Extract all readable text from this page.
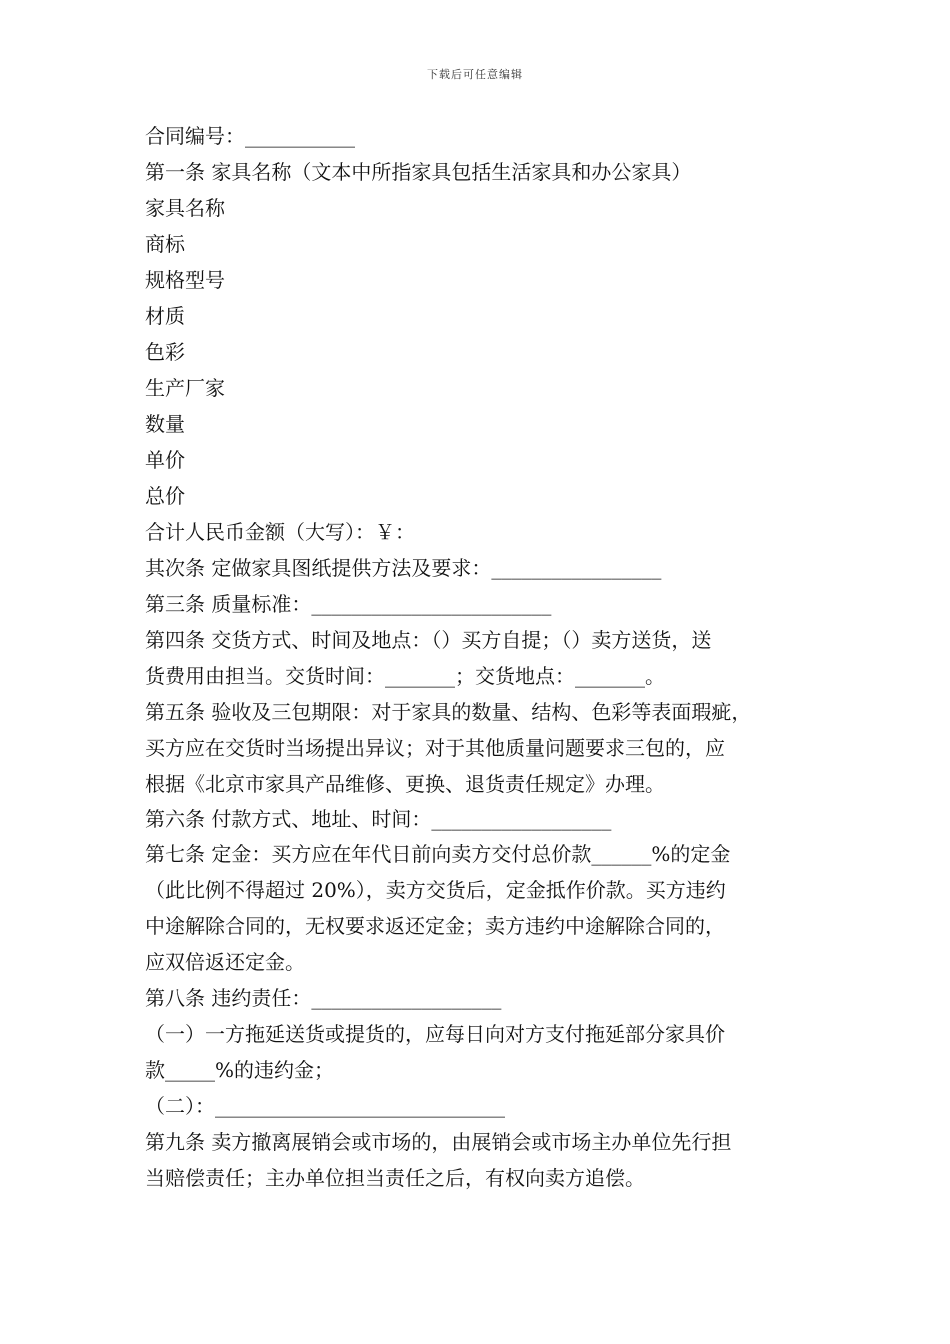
下载后可任意编辑
合同编号：___________
第一条 家具名称（文本中所指家具包括生活家具和办公家具）
家具名称
商标
规格型号
材质
色彩
生产厂家
数量
单价
总价
合计人民币金额（大写）：￥：
其次条 定做家具图纸提供方法及要求：_________________
第三条 质量标准：________________________
第四条 交货方式、时间及地点：（）买方自提；（）卖方送货，送
货费用由担当。交货时间：_______；交货地点：_______。
第五条 验收及三包期限：对于家具的数量、结构、色彩等表面瑕疵，
买方应在交货时当场提出异议；对于其他质量问题要求三包的，应
根据《北京市家具产品维修、更换、退货责任规定》办理。
第六条 付款方式、地址、时间：__________________
第七条 定金：买方应在年代日前向卖方交付总价款______%的定金
（此比例不得超过 20%），卖方交货后，定金抵作价款。买方违约
中途解除合同的，无权要求返还定金；卖方违约中途解除合同的，
应双倍返还定金。
第八条 违约责任：___________________
（一）一方拖延送货或提货的，应每日向对方支付拖延部分家具价
款_____%的违约金；
（二）：_____________________________
第九条 卖方撤离展销会或市场的，由展销会或市场主办单位先行担
当赔偿责任；主办单位担当责任之后，有权向卖方追偿。
